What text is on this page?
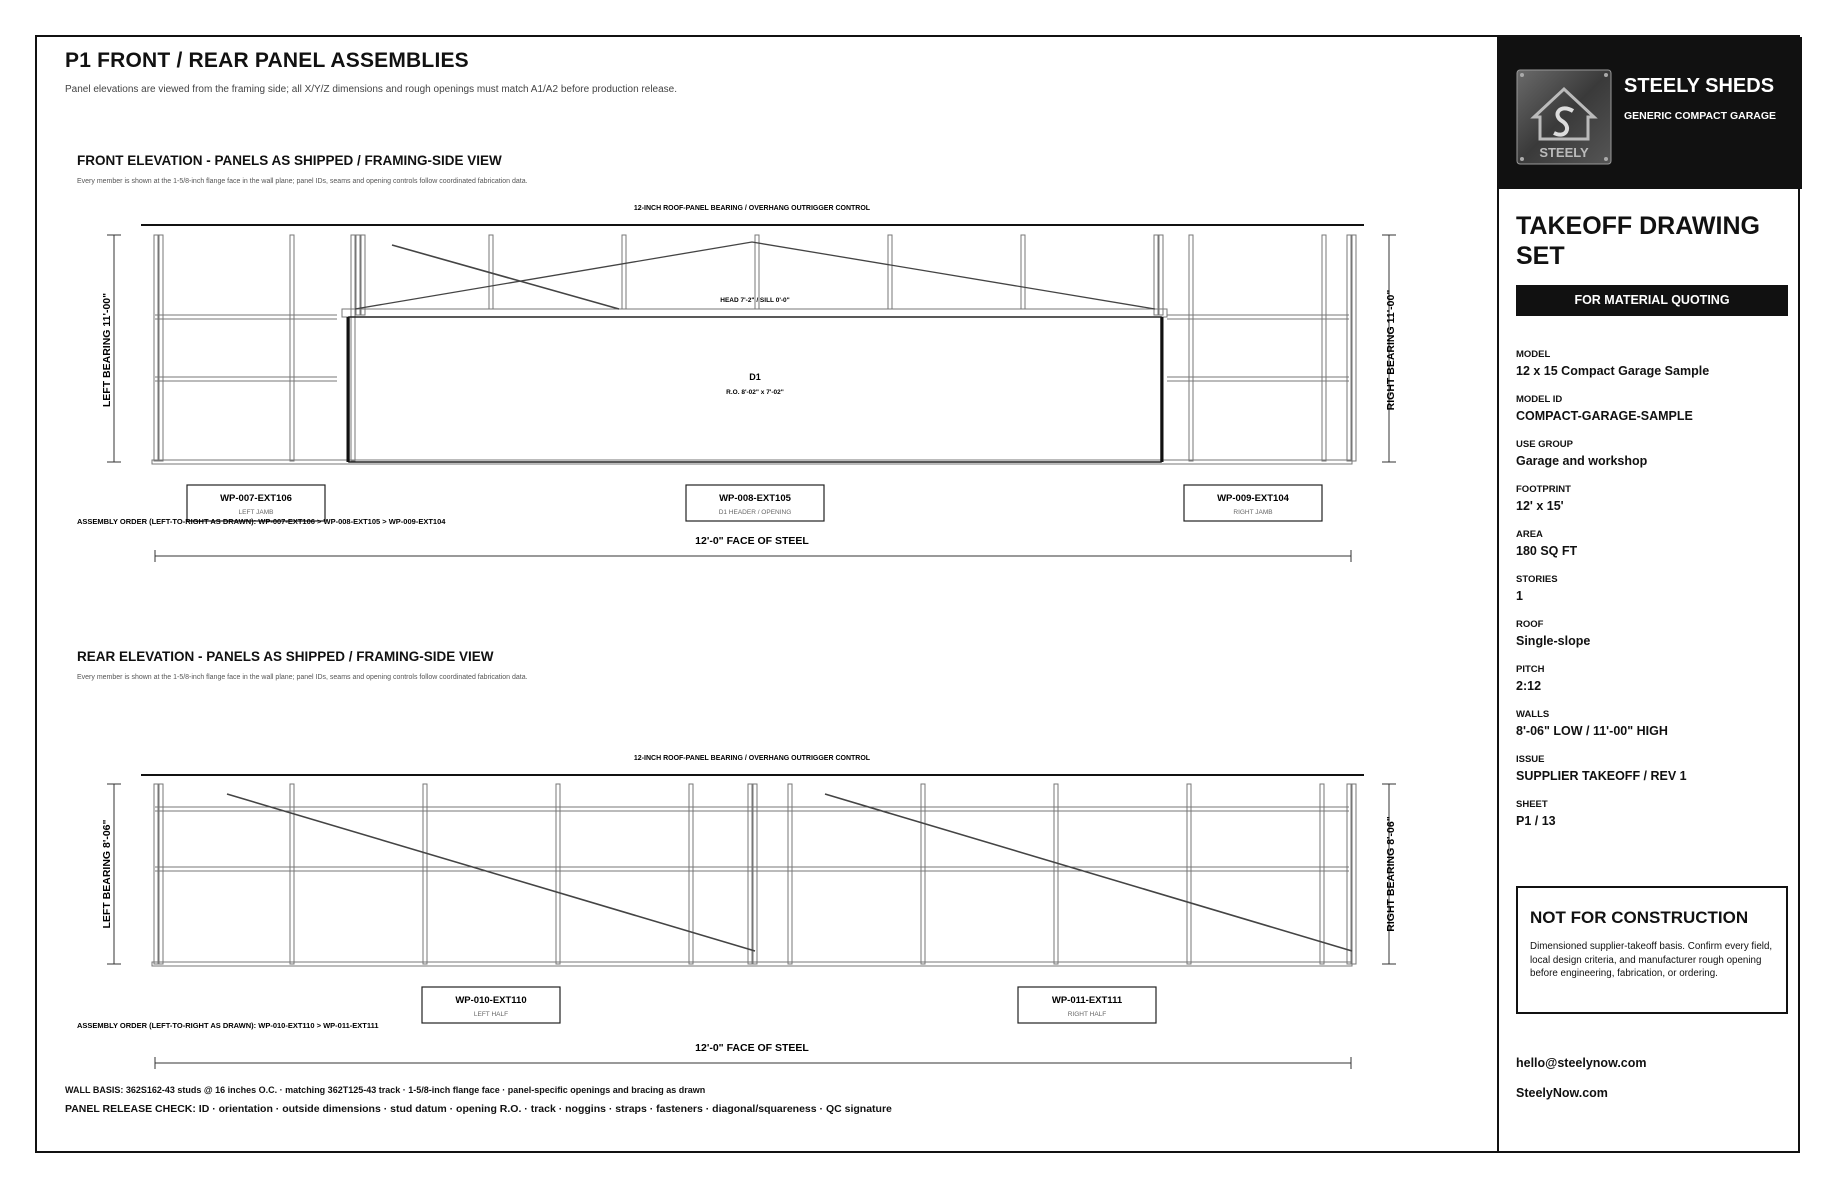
P1 FRONT / REAR PANEL ASSEMBLIES
Panel elevations are viewed from the framing side; all X/Y/Z dimensions and rough openings must match A1/A2 before production release.
FRONT ELEVATION - PANELS AS SHIPPED / FRAMING-SIDE VIEW
Every member is shown at the 1-5/8-inch flange face in the wall plane; panel IDs, seams and opening controls follow coordinated fabrication data.
12-INCH ROOF-PANEL BEARING / OVERHANG OUTRIGGER CONTROL
LEFT BEARING 11'-00"	RIGHT BEARING 11'-00"
HEAD 7'-2" / SILL 0'-0"
D1
R.O. 8'-02" x 7'-02"
WP-007-EXT106
LEFT JAMB
WP-008-EXT105
D1 HEADER / OPENING
WP-009-EXT104
RIGHT JAMB
ASSEMBLY ORDER (LEFT-TO-RIGHT AS DRAWN): WP-007-EXT106 > WP-008-EXT105 > WP-009-EXT104
12'-0" FACE OF STEEL
REAR ELEVATION - PANELS AS SHIPPED / FRAMING-SIDE VIEW
Every member is shown at the 1-5/8-inch flange face in the wall plane; panel IDs, seams and opening controls follow coordinated fabrication data.
12-INCH ROOF-PANEL BEARING / OVERHANG OUTRIGGER CONTROL
LEFT BEARING 8'-06"	RIGHT BEARING 8'-06"
WP-010-EXT110
LEFT HALF
WP-011-EXT111
RIGHT HALF
ASSEMBLY ORDER (LEFT-TO-RIGHT AS DRAWN): WP-010-EXT110 > WP-011-EXT111
12'-0" FACE OF STEEL
WALL BASIS: 362S162-43 studs @ 16 inches O.C. · matching 362T125-43 track · 1-5/8-inch flange face · panel-specific openings and bracing as drawn
PANEL RELEASE CHECK: ID · orientation · outside dimensions · stud datum · opening R.O. · track · noggins · straps · fasteners · diagonal/squareness · QC signature
STEELY
STEELY SHEDS
GENERIC COMPACT GARAGE
TAKEOFF DRAWING SET
FOR MATERIAL QUOTING
MODEL
12 x 15 Compact Garage Sample
MODEL ID
COMPACT-GARAGE-SAMPLE
USE GROUP
Garage and workshop
FOOTPRINT
12' x 15'
AREA
180 SQ FT
STORIES
1
ROOF
Single-slope
PITCH
2:12
WALLS
8'-06" LOW / 11'-00" HIGH
ISSUE
SUPPLIER TAKEOFF / REV 1
SHEET
P1 / 13
NOT FOR CONSTRUCTION
Dimensioned supplier-takeoff basis. Confirm every field, local design criteria, and manufacturer rough opening before engineering, fabrication, or ordering.
hello@steelynow.com
SteelyNow.com
